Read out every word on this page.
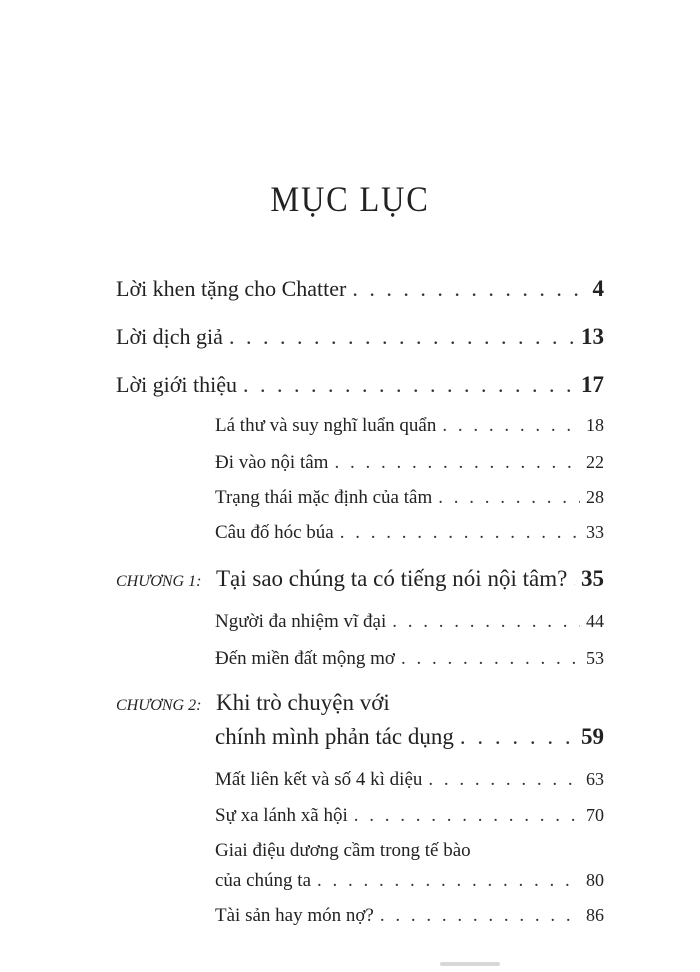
MỤC LỤC
Lời khen tặng cho Chatter . . .	4
Lời dịch giả . . .	13
Lời giới thiệu . . .	17
Lá thư và suy nghĩ luẩn quẩn . . .	18
Đi vào nội tâm . . .	22
Trạng thái mặc định của tâm . . .	28
Câu đố hóc búa . . .	33
CHƯƠNG 1: Tại sao chúng ta có tiếng nói nội tâm? . . . 35
Người đa nhiệm vĩ đại . . .	44
Đến miền đất mộng mơ . . .	53
CHƯƠNG 2: Khi trò chuyện với
chính mình phản tác dụng . . .	59
Mất liên kết và số 4 kì diệu . . .	63
Sự xa lánh xã hội . . .	70
Giai điệu dương cầm trong tế bào
của chúng ta . . .	80
Tài sản hay món nợ? . . .	86
